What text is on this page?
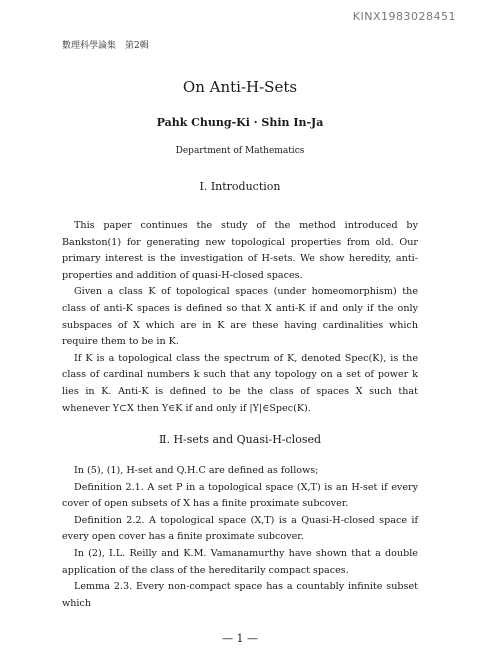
KINX1983028451
數理科學論集　第2輯
On Anti-H-Sets
Pahk Chung-Ki · Shin In-Ja
Department of Mathematics
Ⅰ. Introduction

This paper continues the study of the method introduced by Bankston(1) for generating new topological properties from old. Our primary interest is the investigation of H-sets. We show heredity, anti-properties and addition of quasi-H-closed spaces.

Given a class K of topological spaces (under homeomorphism) the class of anti-K spaces is defined so that X anti-K if and only if the only subspaces of X which are in K are these having cardinalities which require them to be in K.

If K is a topological class the spectrum of K, denoted Spec(K), is the class of cardinal numbers k such that any topology on a set of power k lies in K. Anti-K is defined to be the class of spaces X such that whenever Y⊂X then Y∈K if and only if |Y|∈Spec(K).

Ⅱ. H-sets and Quasi-H-closed

In (5), (1), H-set and Q.H.C are defined as follows;

Definition 2.1. A set P in a topological space (X,T) is an H-set if every cover of open subsets of X has a finite proximate subcover.

Definition 2.2. A topological space (X,T) is a Quasi-H-closed space if every open cover has a finite proximate subcover.

In (2), I.L. Reilly and K.M. Vamanamurthy have shown that a double application of the class of the hereditarily compact spaces.

Lemma 2.3. Every non-compact space has a countably infinite subset which

— 1 —
